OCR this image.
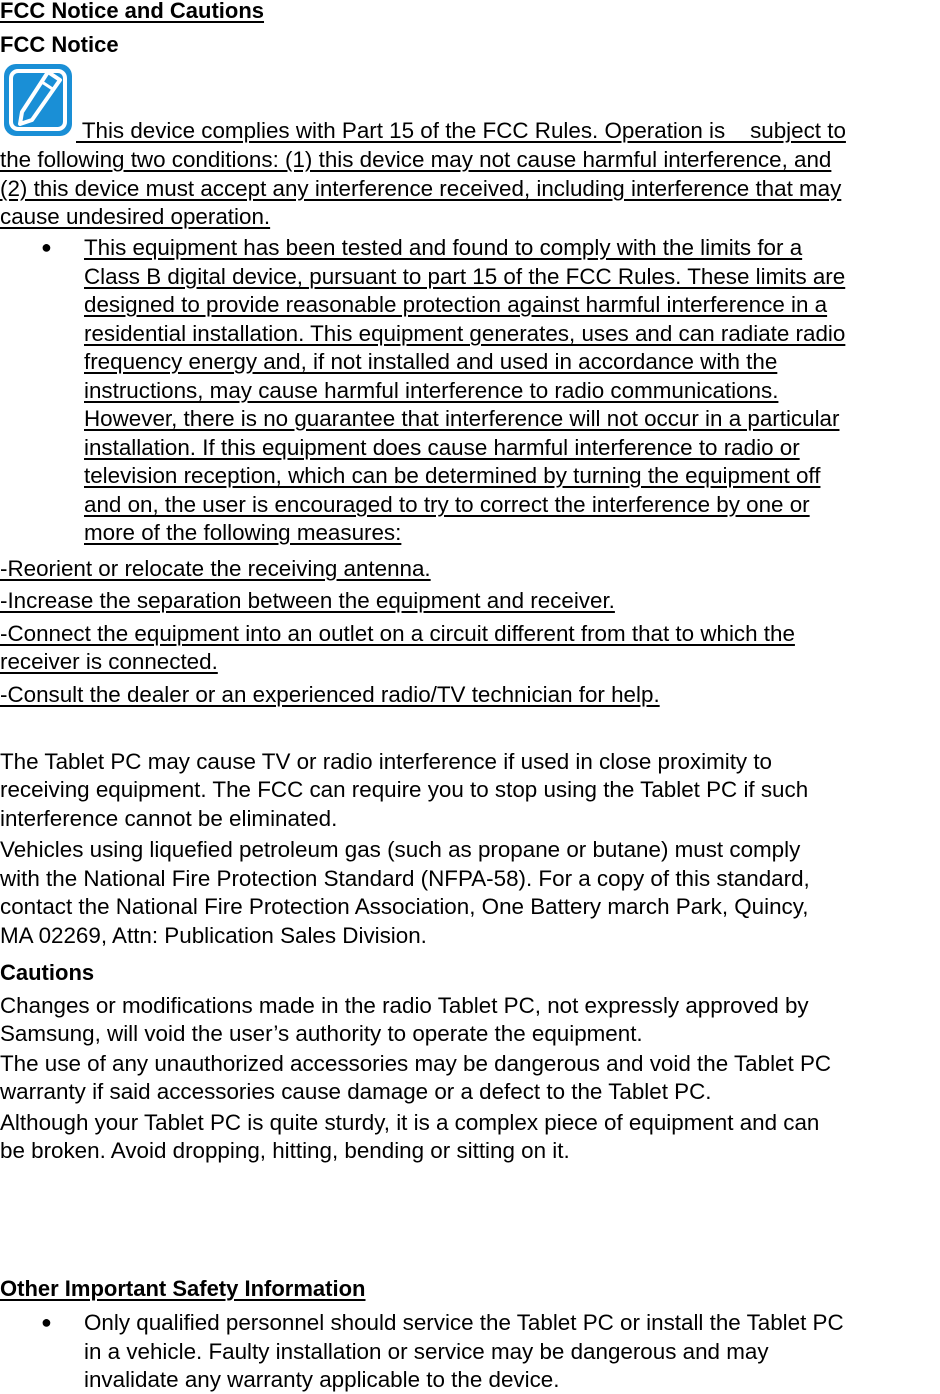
FCC Notice and Cautions
FCC Notice
This device complies with Part 15 of the FCC Rules. Operation is    subject to
the following two conditions: (1) this device may not cause harmful interference, and
(2) this device must accept any interference received, including interference that may
cause undesired operation.
● This equipment has been tested and found to comply with the limits for a
Class B digital device, pursuant to part 15 of the FCC Rules. These limits are
designed to provide reasonable protection against harmful interference in a
residential installation. This equipment generates, uses and can radiate radio
frequency energy and, if not installed and used in accordance with the
instructions, may cause harmful interference to radio communications.
However, there is no guarantee that interference will not occur in a particular
installation. If this equipment does cause harmful interference to radio or
television reception, which can be determined by turning the equipment off
and on, the user is encouraged to try to correct the interference by one or
more of the following measures:
-Reorient or relocate the receiving antenna.
-Increase the separation between the equipment and receiver.
-Connect the equipment into an outlet on a circuit different from that to which the
receiver is connected.
-Consult the dealer or an experienced radio/TV technician for help.
The Tablet PC may cause TV or radio interference if used in close proximity to
receiving equipment. The FCC can require you to stop using the Tablet PC if such
interference cannot be eliminated.
Vehicles using liquefied petroleum gas (such as propane or butane) must comply
with the National Fire Protection Standard (NFPA-58). For a copy of this standard,
contact the National Fire Protection Association, One Battery march Park, Quincy,
MA 02269, Attn: Publication Sales Division.
Cautions
Changes or modifications made in the radio Tablet PC, not expressly approved by
Samsung, will void the user’s authority to operate the equipment.
The use of any unauthorized accessories may be dangerous and void the Tablet PC
warranty if said accessories cause damage or a defect to the Tablet PC.
Although your Tablet PC is quite sturdy, it is a complex piece of equipment and can
be broken. Avoid dropping, hitting, bending or sitting on it.
Other Important Safety Information
● Only qualified personnel should service the Tablet PC or install the Tablet PC
in a vehicle. Faulty installation or service may be dangerous and may
invalidate any warranty applicable to the device.
